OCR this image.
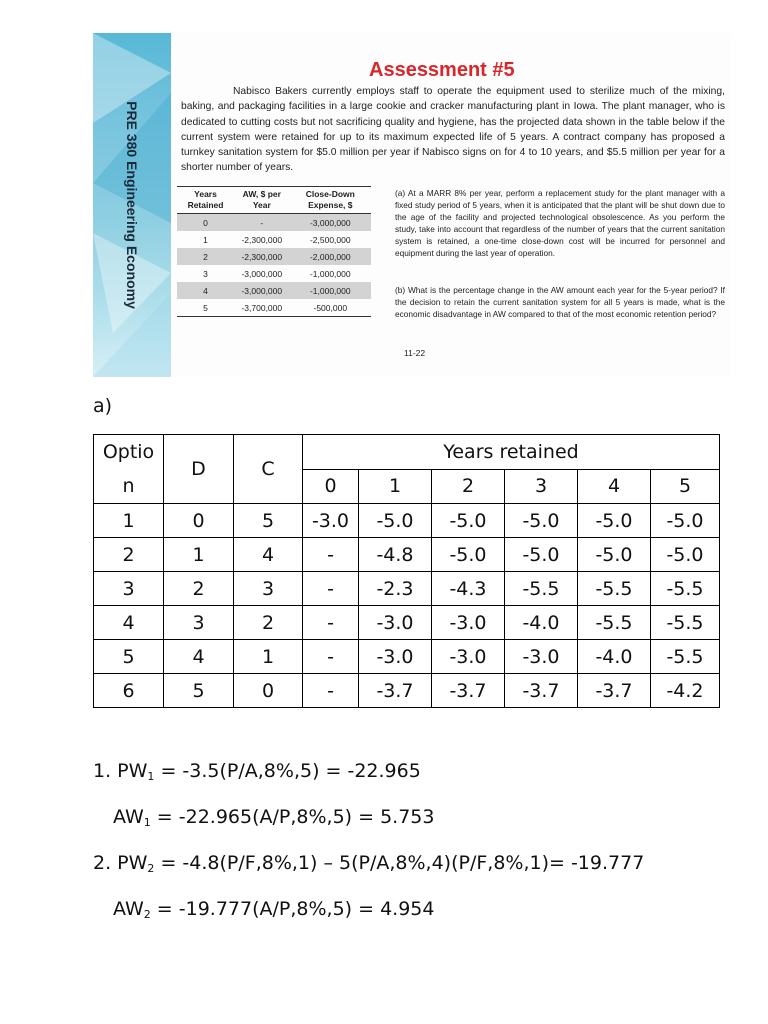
PRE 380 Engineering Economy
Assessment #5
Nabisco Bakers currently employs staff to operate the equipment used to sterilize much of the mixing, baking, and packaging facilities in a large cookie and cracker manufacturing plant in Iowa. The plant manager, who is dedicated to cutting costs but not sacrificing quality and hygiene, has the projected data shown in the table below if the current system were retained for up to its maximum expected life of 5 years. A contract company has proposed a turnkey sanitation system for $5.0 million per year if Nabisco signs on for 4 to 10 years, and $5.5 million per year for a shorter number of years.
Years Retained	AW, $ per Year	Close-Down Expense, $
0	-	-3,000,000
1	-2,300,000	-2,500,000
2	-2,300,000	-2,000,000
3	-3,000,000	-1,000,000
4	-3,000,000	-1,000,000
5	-3,700,000	-500,000
(a) At a MARR 8% per year, perform a replacement study for the plant manager with a fixed study period of 5 years, when it is anticipated that the plant will be shut down due to the age of the facility and projected technological obsolescence. As you perform the study, take into account that regardless of the number of years that the current sanitation system is retained, a one-time close-down cost will be incurred for personnel and equipment during the last year of operation.
(b) What is the percentage change in the AW amount each year for the 5-year period? If the decision to retain the current sanitation system for all 5 years is made, what is the economic disadvantage in AW compared to that of the most economic retention period?
11-22
a)
Optio
n	D	C	Years retained					
			0	1	2	3	4	5
1	0	5	-3.0	-5.0	-5.0	-5.0	-5.0	-5.0
2	1	4	-	-4.8	-5.0	-5.0	-5.0	-5.0
3	2	3	-	-2.3	-4.3	-5.5	-5.5	-5.5
4	3	2	-	-3.0	-3.0	-4.0	-5.5	-5.5
5	4	1	-	-3.0	-3.0	-3.0	-4.0	-5.5
6	5	0	-	-3.7	-3.7	-3.7	-3.7	-4.2
1. $PW_1 = -3.5(P/A,8\%,5) = -22.965$
$AW_1 = -22.965(A/P,8\%,5) = 5.753$
2. $PW_2 = -4.8(P/F,8\%,1) - 5(P/A,8\%,4)(P/F,8\%,1)= -19.777$
$AW_2 = -19.777(A/P,8\%,5) = 4.954$
